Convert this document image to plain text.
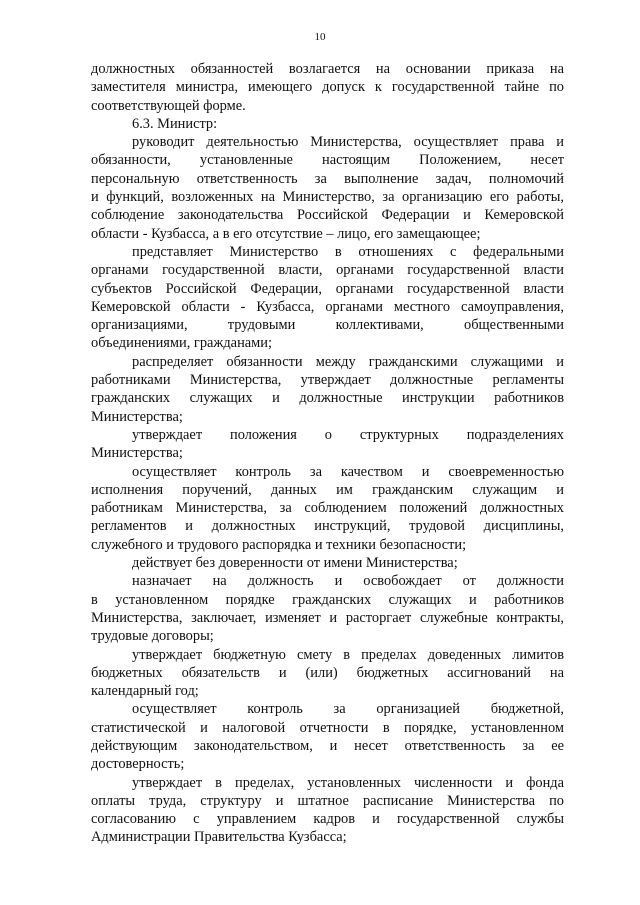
10
должностных обязанностей возлагается на основании приказа на
заместителя министра, имеющего допуск к государственной тайне по
соответствующей форме.
6.3. Министр:
руководит деятельностью Министерства, осуществляет права и
обязанности, установленные настоящим Положением, несет
персональную ответственность за выполнение задач, полномочий
и функций, возложенных на Министерство, за организацию его работы,
соблюдение законодательства Российской Федерации и Кемеровской
области - Кузбасса, а в его отсутствие – лицо, его замещающее;
представляет Министерство в отношениях с федеральными
органами государственной власти, органами государственной власти
субъектов Российской Федерации, органами государственной власти
Кемеровской области - Кузбасса, органами местного самоуправления,
организациями, трудовыми коллективами, общественными
объединениями, гражданами;
распределяет обязанности между гражданскими служащими и
работниками Министерства, утверждает должностные регламенты
гражданских служащих и должностные инструкции работников
Министерства;
утверждает положения о структурных подразделениях
Министерства;
осуществляет контроль за качеством и своевременностью
исполнения поручений, данных им гражданским служащим и
работникам Министерства, за соблюдением положений должностных
регламентов и должностных инструкций, трудовой дисциплины,
служебного и трудового распорядка и техники безопасности;
действует без доверенности от имени Министерства;
назначает на должность и освобождает от должности
в установленном порядке гражданских служащих и работников
Министерства, заключает, изменяет и расторгает служебные контракты,
трудовые договоры;
утверждает бюджетную смету в пределах доведенных лимитов
бюджетных обязательств и (или) бюджетных ассигнований на
календарный год;
осуществляет контроль за организацией бюджетной,
статистической и налоговой отчетности в порядке, установленном
действующим законодательством, и несет ответственность за ее
достоверность;
утверждает в пределах, установленных численности и фонда
оплаты труда, структуру и штатное расписание Министерства по
согласованию с управлением кадров и государственной службы
Администрации Правительства Кузбасса;
